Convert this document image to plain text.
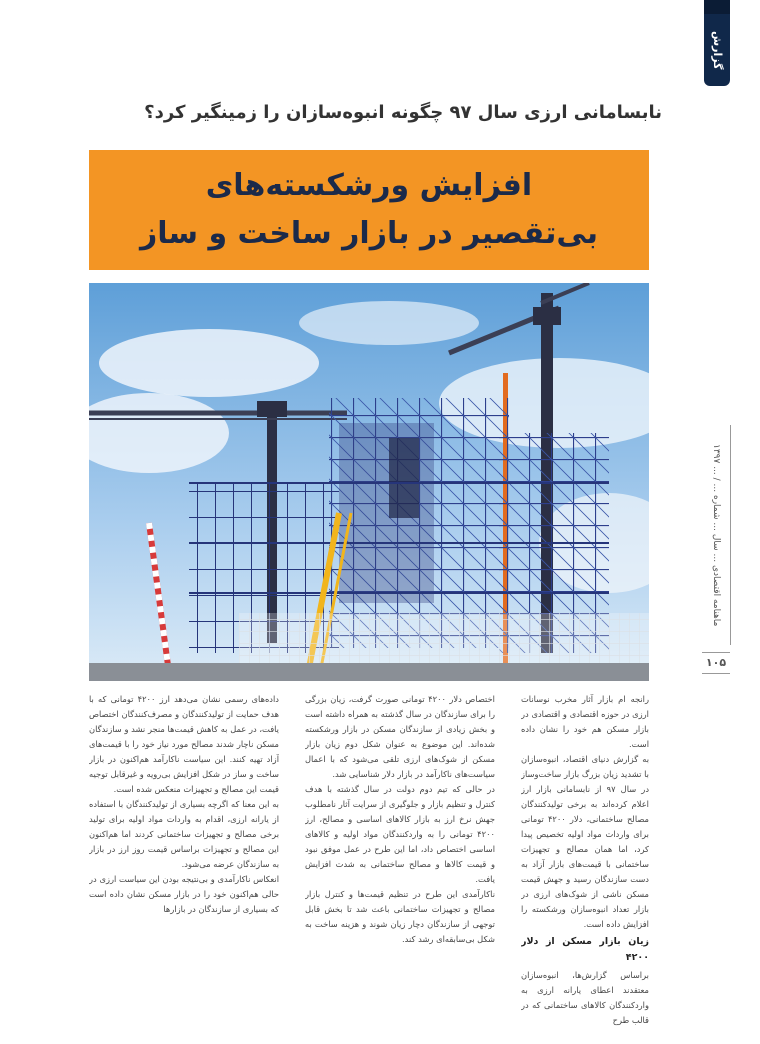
گزارش
ماهنامه اقتصادی ... سال ... شماره ... / ... ۱۳۹۷
۱۰۵
نابسامانی ارزی سال ۹۷ چگونه انبوه‌سازان را زمینگیر کرد؟
افزایش ورشکسته‌های
بی‌تقصیر در بازار ساخت و ساز

رانجه ام بازار آثار مخرب نوسانات ارزی در حوزه اقتصادی و اقتصادی در بازار مسکن هم خود را نشان داده است.

به گزارش دنیای اقتصاد، انبوه‌سازان با تشدید زیان بزرگ بازار ساخت‌وساز در سال ۹۷ از نابسامانی بازار ارز اعلام کرده‌اند به برخی تولیدکنندگان مصالح ساختمانی، دلار ۴۲۰۰ تومانی برای واردات مواد اولیه تخصیص پیدا کرد، اما همان مصالح و تجهیزات ساختمانی با قیمت‌های بازار آزاد به دست سازندگان رسید و جهش قیمت مسکن ناشی از شوک‌های ارزی در بازار تعداد انبوه‌سازان ورشکسته را افزایش داده است.

زیان بازار مسکن از دلار ۴۲۰۰

براساس گزارش‌ها، انبوه‌سازان معتقدند اعطای یارانه ارزی به واردکنندگان کالاهای ساختمانی که در قالب طرح

اختصاص دلار ۴۲۰۰ تومانی صورت گرفت، زیان بزرگی را برای سازندگان در سال گذشته به همراه داشته است و بخش زیادی از سازندگان مسکن در بازار ورشکسته شده‌اند. این موضوع به عنوان شکل دوم زیان بازار مسکن از شوک‌های ارزی تلقی می‌شود که با اعمال سیاست‌های ناکارآمد در بازار دلار شناسایی شد.

در حالی که تیم دوم دولت در سال گذشته با هدف کنترل و تنظیم بازار و جلوگیری از سرایت آثار نامطلوب جهش نرخ ارز به بازار کالاهای اساسی و مصالح، ارز ۴۲۰۰ تومانی را به واردکنندگان مواد اولیه و کالاهای اساسی اختصاص داد، اما این طرح در عمل موفق نبود و قیمت کالاها و مصالح ساختمانی به شدت افزایش یافت.

ناکارآمدی این طرح در تنظیم قیمت‌ها و کنترل بازار مصالح و تجهیزات ساختمانی باعث شد تا بخش قابل توجهی از سازندگان دچار زیان شوند و هزینه ساخت به شکل بی‌سابقه‌ای رشد کند.

داده‌های رسمی نشان می‌دهد ارز ۴۲۰۰ تومانی که با هدف حمایت از تولیدکنندگان و مصرف‌کنندگان اختصاص یافت، در عمل به کاهش قیمت‌ها منجر نشد و سازندگان مسکن ناچار شدند مصالح مورد نیاز خود را با قیمت‌های آزاد تهیه کنند. این سیاست ناکارآمد هم‌اکنون در بازار ساخت و ساز در شکل افزایش بی‌رویه و غیرقابل توجیه قیمت این مصالح و تجهیزات منعکس شده است.

به این معنا که اگرچه بسیاری از تولیدکنندگان با استفاده از یارانه ارزی، اقدام به واردات مواد اولیه برای تولید برخی مصالح و تجهیزات ساختمانی کردند اما هم‌اکنون این مصالح و تجهیزات براساس قیمت روز ارز در بازار به سازندگان عرضه می‌شود.

انعکاس ناکارآمدی و بی‌نتیجه بودن این سیاست ارزی در حالی هم‌اکنون خود را در بازار مسکن نشان داده است که بسیاری از سازندگان در بازارها
